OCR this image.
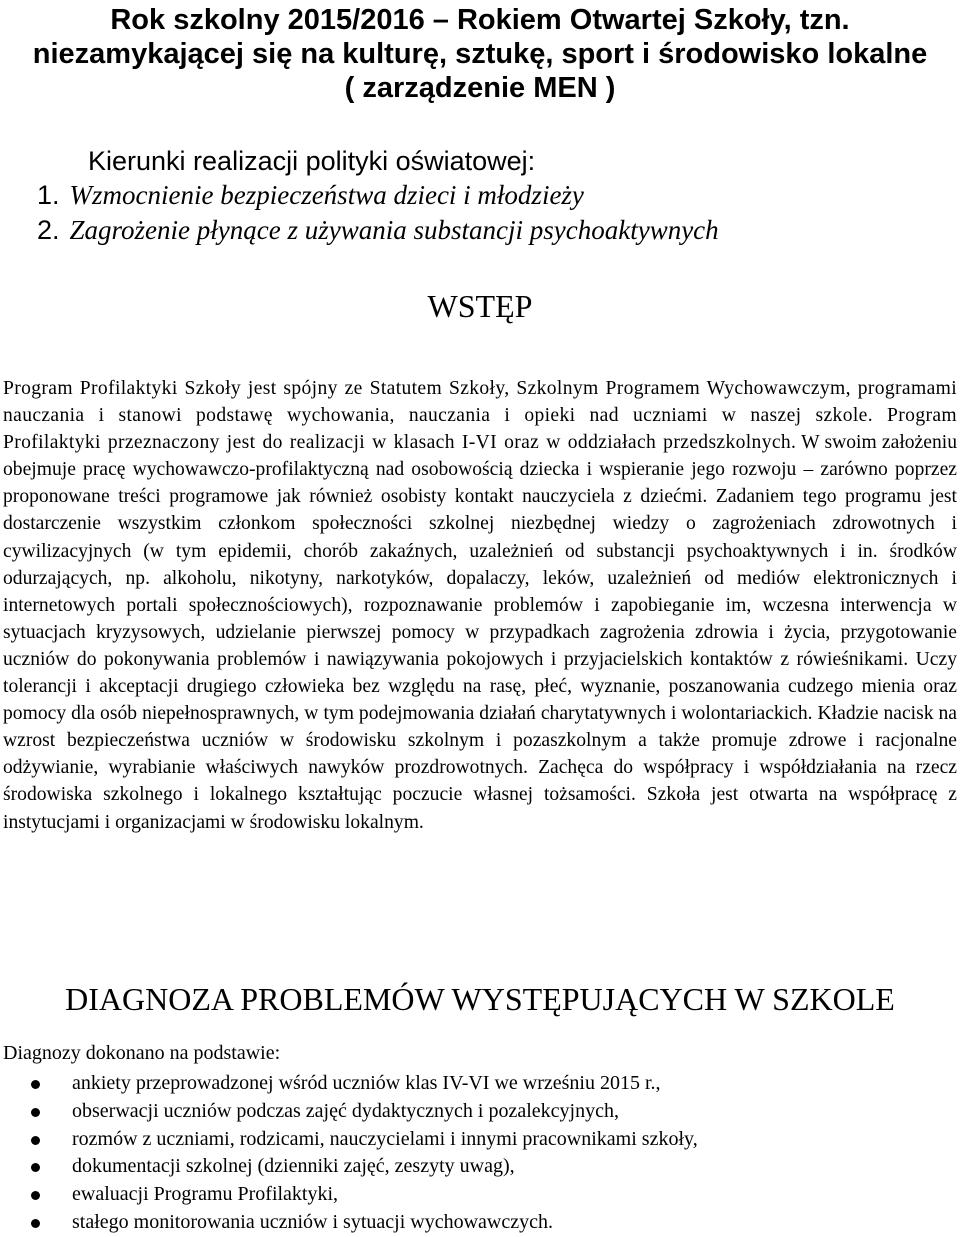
Rok szkolny 2015/2016 – Rokiem Otwartej Szkoły, tzn.
niezamykającej się na kulturę, sztukę, sport i środowisko lokalne
( zarządzenie MEN )
Kierunki realizacji polityki oświatowej:
1. Wzmocnienie bezpieczeństwa dzieci i młodzieży
2. Zagrożenie płynące z używania substancji psychoaktywnych
WSTĘP
Program Profilaktyki Szkoły jest spójny ze Statutem Szkoły, Szkolnym Programem Wychowawczym, programami nauczania i stanowi podstawę wychowania, nauczania i opieki nad uczniami w naszej szkole. Program Profilaktyki przeznaczony jest do realizacji w klasach I-VI oraz w oddziałach przedszkolnych. W swoim założeniu obejmuje pracę wychowawczo-profilaktyczną nad osobowością dziecka i wspieranie jego rozwoju – zarówno poprzez proponowane treści programowe jak również osobisty kontakt nauczyciela z dziećmi. Zadaniem tego programu jest dostarczenie wszystkim członkom społeczności szkolnej niezbędnej wiedzy o zagrożeniach zdrowotnych i cywilizacyjnych (w tym epidemii, chorób zakaźnych, uzależnień od substancji psychoaktywnych i in. środków odurzających, np. alkoholu, nikotyny, narkotyków, dopalaczy, leków, uzależnień od mediów elektronicznych i internetowych portali społecznościowych), rozpoznawanie problemów i zapobieganie im, wczesna interwencja w sytuacjach kryzysowych, udzielanie pierwszej pomocy w przypadkach zagrożenia zdrowia i życia, przygotowanie uczniów do pokonywania problemów i nawiązywania pokojowych i przyjacielskich kontaktów z rówieśnikami. Uczy tolerancji i akceptacji drugiego człowieka bez względu na rasę, płeć, wyznanie, poszanowania cudzego mienia oraz pomocy dla osób niepełnosprawnych, w tym podejmowania działań charytatywnych i wolontariackich. Kładzie nacisk na wzrost bezpieczeństwa uczniów w środowisku szkolnym i pozaszkolnym a także promuje zdrowe i racjonalne odżywianie, wyrabianie właściwych nawyków prozdrowotnych. Zachęca do współpracy i współdziałania na rzecz środowiska szkolnego i lokalnego kształtując poczucie własnej tożsamości. Szkoła jest otwarta na współpracę z instytucjami i organizacjami w środowisku lokalnym.
DIAGNOZA PROBLEMÓW WYSTĘPUJĄCYCH W SZKOLE
Diagnozy dokonano na podstawie:
ankiety przeprowadzonej wśród uczniów klas IV-VI we wrześniu 2015 r.,
obserwacji uczniów podczas zajęć dydaktycznych i pozalekcyjnych,
rozmów z uczniami, rodzicami, nauczycielami i innymi pracownikami szkoły,
dokumentacji szkolnej (dzienniki zajęć, zeszyty uwag),
ewaluacji Programu Profilaktyki,
stałego monitorowania uczniów i sytuacji wychowawczych.
